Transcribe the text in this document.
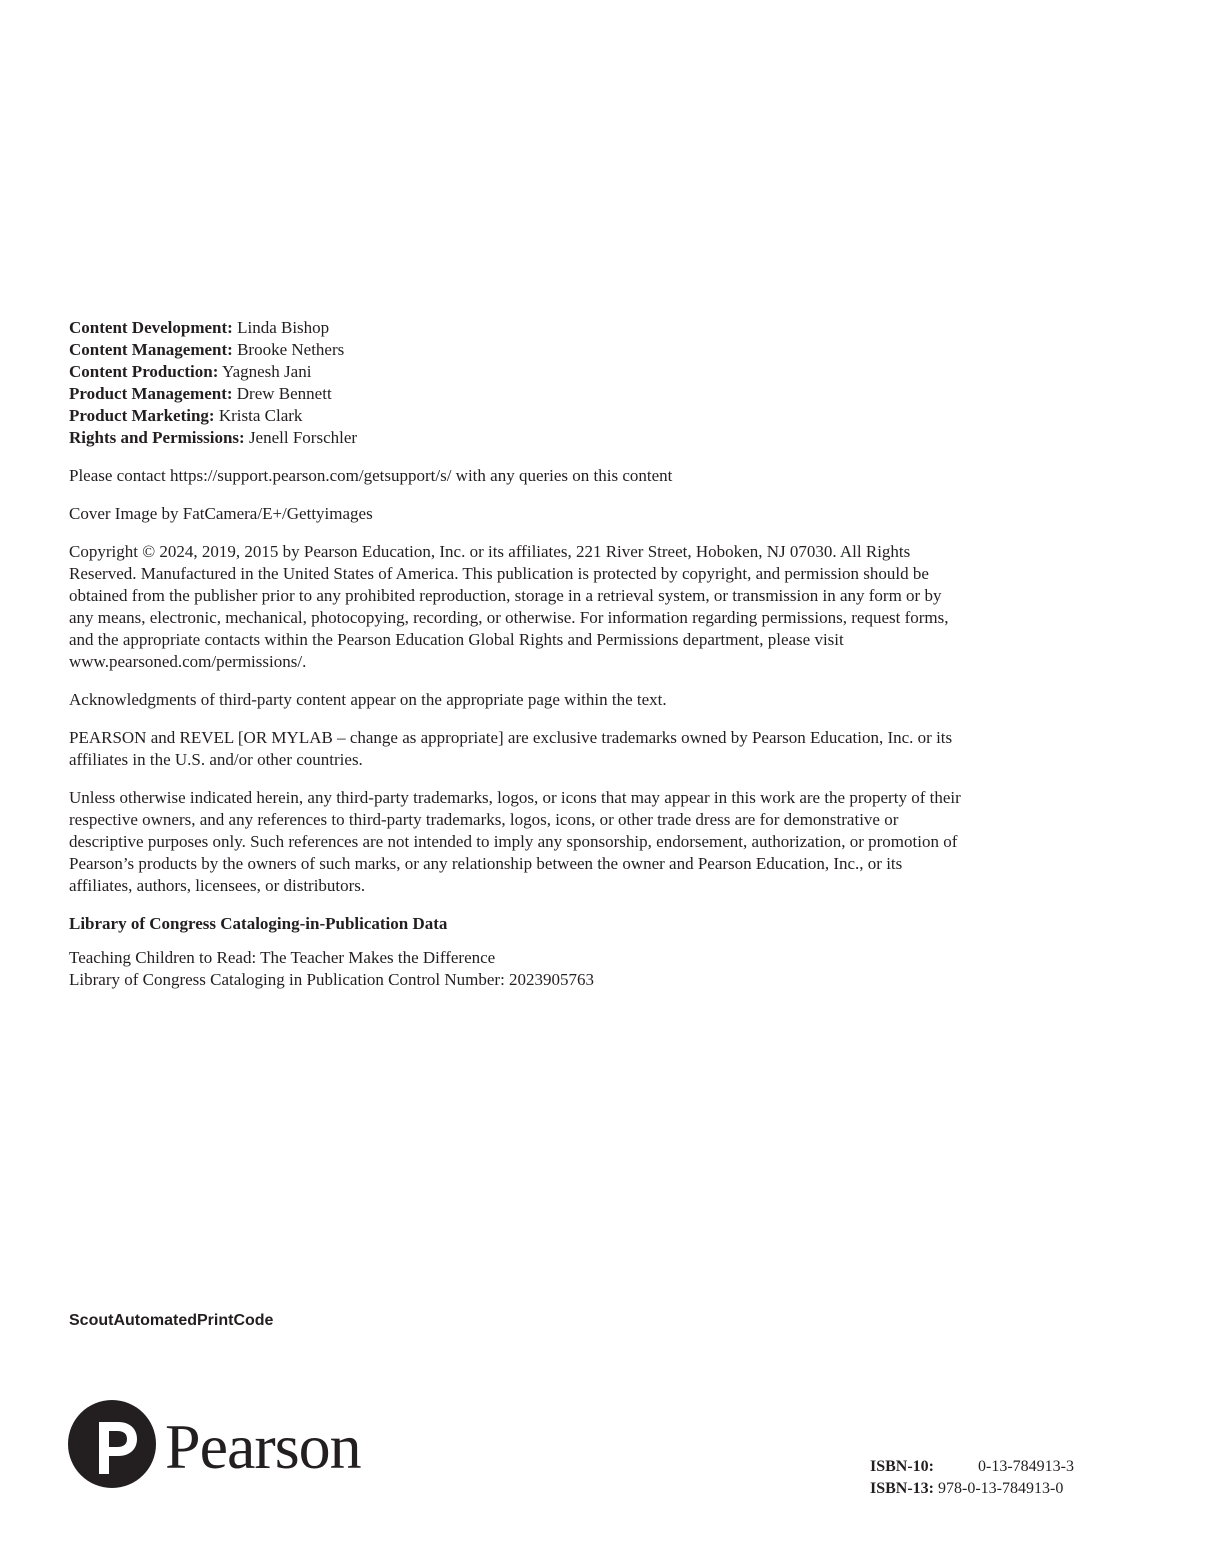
Content Development: Linda Bishop
Content Management: Brooke Nethers
Content Production: Yagnesh Jani
Product Management: Drew Bennett
Product Marketing: Krista Clark
Rights and Permissions: Jenell Forschler

Please contact https://support.pearson.com/getsupport/s/ with any queries on this content

Cover Image by FatCamera/E+/Gettyimages

Copyright © 2024, 2019, 2015 by Pearson Education, Inc. or its affiliates, 221 River Street, Hoboken, NJ 07030. All Rights Reserved. Manufactured in the United States of America. This publication is protected by copyright, and permission should be obtained from the publisher prior to any prohibited reproduction, storage in a retrieval system, or transmission in any form or by any means, electronic, mechanical, photocopying, recording, or otherwise. For information regarding permissions, request forms, and the appropriate contacts within the Pearson Education Global Rights and Permissions department, please visit www.pearsoned.com/permissions/.

Acknowledgments of third-party content appear on the appropriate page within the text.

PEARSON and REVEL [OR MYLAB – change as appropriate] are exclusive trademarks owned by Pearson Education, Inc. or its affiliates in the U.S. and/or other countries.

Unless otherwise indicated herein, any third-party trademarks, logos, or icons that may appear in this work are the property of their respective owners, and any references to third-party trademarks, logos, icons, or other trade dress are for demonstrative or descriptive purposes only. Such references are not intended to imply any sponsorship, endorsement, authorization, or promotion of Pearson’s products by the owners of such marks, or any relationship between the owner and Pearson Education, Inc., or its affiliates, authors, licensees, or distributors.

Library of Congress Cataloging-in-Publication Data

Teaching Children to Read: The Teacher Makes the Difference
Library of Congress Cataloging in Publication Control Number: 2023905763
ScoutAutomatedPrintCode
Pearson	ISBN-10:	0-13-784913-3
ISBN-13: 978-0-13-784913-0
